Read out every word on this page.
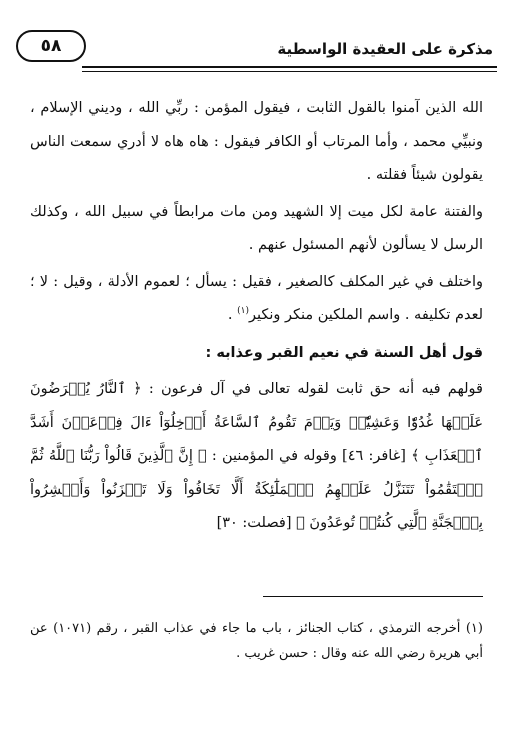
مذكرة على العقيدة الواسطية
٥٨

الله الذين آمنوا بالقول الثابت ، فيقول المؤمن : ربِّي الله ، وديني الإسلام ، ونبيِّي محمد ، وأما المرتاب أو الكافر فيقول : هاه هاه لا أدري سمعت الناس يقولون شيئاً فقلته .

والفتنة عامة لكل ميت إلا الشهيد ومن مات مرابطاً في سبيل الله ، وكذلك الرسل لا يسألون لأنهم المسئول عنهم .

واختلف في غير المكلف كالصغير ، فقيل : يسأل ؛ لعموم الأدلة ، وقيل : لا ؛ لعدم تكليفه . واسم الملكين منكر ونكير$^{(١)}$ .

قول أهل السنة في نعيم القبر وعذابه :

قولهم فيه أنه حق ثابت لقوله تعالى في آل فرعون : ﴿ ٱلنَّارُ يُعۡرَضُونَ عَلَيۡهَا غُدُوّٗا وَعَشِيّٗاۚ وَيَوۡمَ تَقُومُ ٱلسَّاعَةُ أَدۡخِلُوٓاْ ءَالَ فِرۡعَوۡنَ أَشَدَّ ٱلۡعَذَابِ ﴾ [غافر: ٤٦] وقوله في المؤمنين : ﴿ إِنَّ ٱلَّذِينَ قَالُواْ رَبُّنَا ٱللَّهُ ثُمَّ ٱسۡتَقَٰمُواْ تَتَنَزَّلُ عَلَيۡهِمُ ٱلۡمَلَٰٓئِكَةُ أَلَّا تَخَافُواْ وَلَا تَحۡزَنُواْ وَأَبۡشِرُواْ بِٱلۡجَنَّةِ ٱلَّتِي كُنتُمۡ تُوعَدُونَ ﴾ [فصلت: ٣٠]

(١) أخرجه الترمذي ، كتاب الجنائز ، باب ما جاء في عذاب القبر ، رقم (١٠٧١) عن أبي هريرة رضي الله عنه وقال : حسن غريب .
